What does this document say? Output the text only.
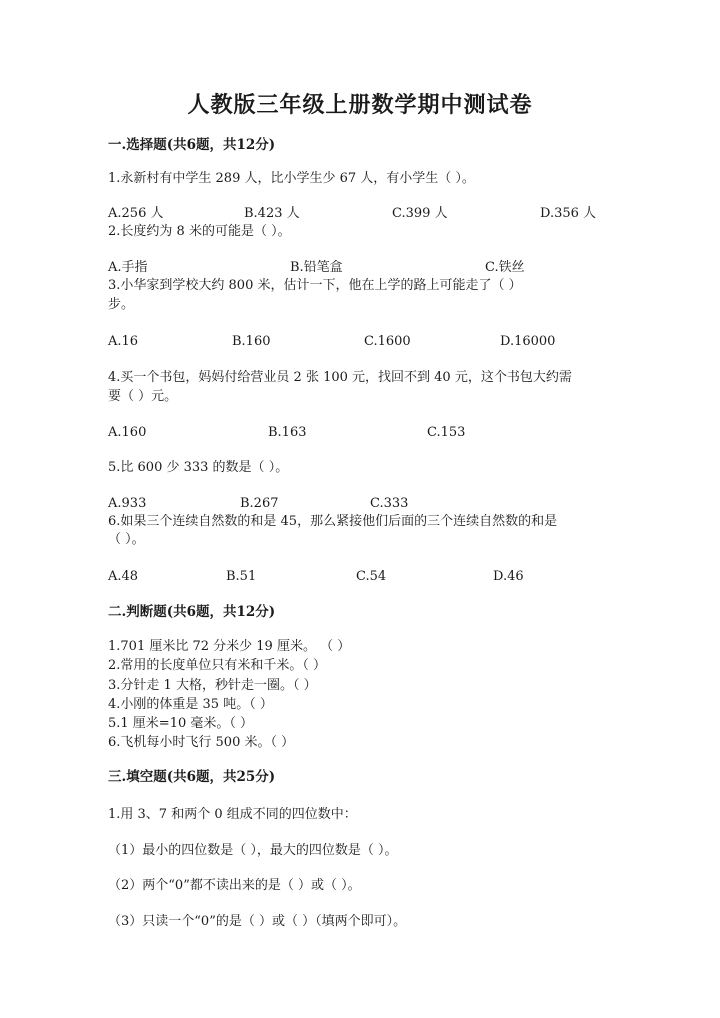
人教版三年级上册数学期中测试卷
一.选择题(共6题，共12分)
1.永新村有中学生 289 人，比小学生少 67 人，有小学生（ ）。
A.256 人	B.423 人	C.399 人	D.356 人
2.长度约为 8 米的可能是（ ）。
A.手指	B.铅笔盒	C.铁丝
3.小华家到学校大约 800 米，估计一下，他在上学的路上可能走了（ ）
步。
A.16	B.160	C.1600	D.16000
4.买一个书包，妈妈付给营业员 2 张 100 元，找回不到 40 元，这个书包大约需
要（ ）元。
A.160	B.163	C.153
5.比 600 少 333 的数是（ ）。
A.933	B.267	C.333
6.如果三个连续自然数的和是 45，那么紧接他们后面的三个连续自然数的和是
（ ）。
A.48	B.51	C.54	D.46
二.判断题(共6题，共12分)
1.701 厘米比 72 分米少 19 厘米。 （ ）
2.常用的长度单位只有米和千米。（ ）
3.分针走 1 大格，秒针走一圈。（ ）
4.小刚的体重是 35 吨。（ ）
5.1 厘米=10 毫米。（ ）
6.飞机每小时飞行 500 米。（ ）
三.填空题(共6题，共25分)
1.用 3、7 和两个 0 组成不同的四位数中：
（1）最小的四位数是（ ），最大的四位数是（ ）。
（2）两个“0”都不读出来的是（ ）或（ ）。
（3）只读一个“0”的是（ ）或（ ）（填两个即可）。
